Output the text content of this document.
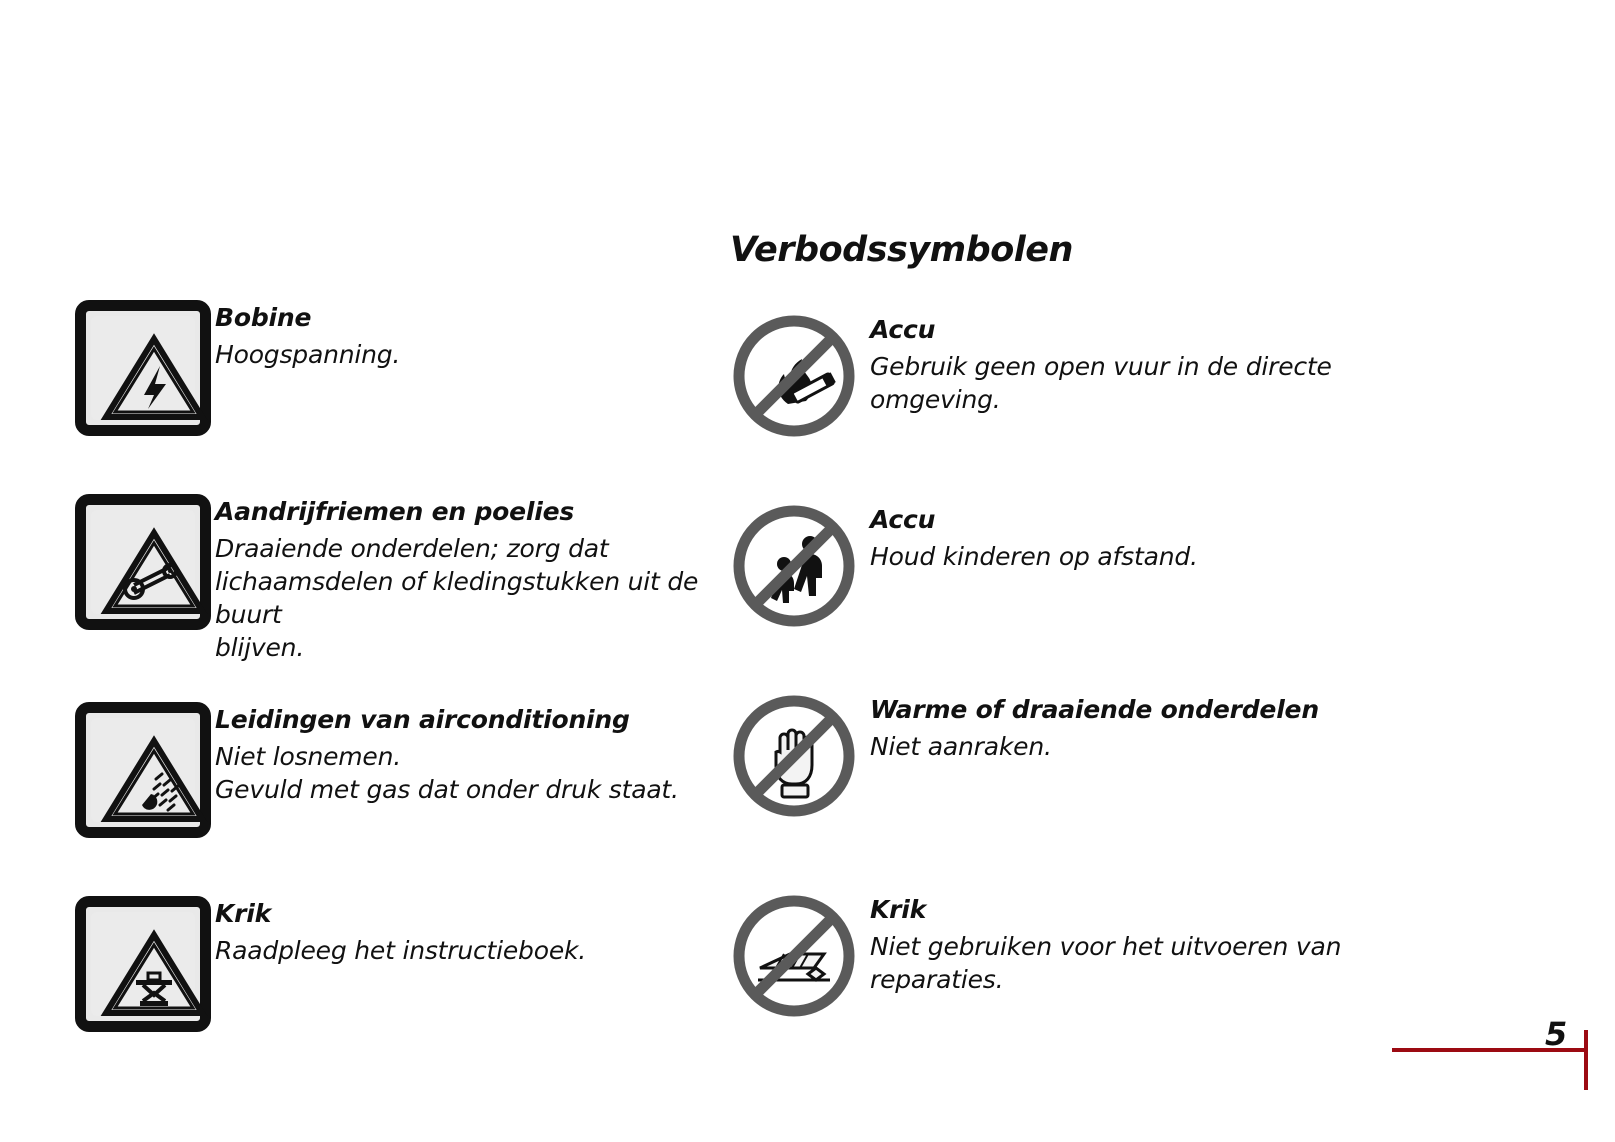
Bobine

Hoogspanning.

Aandrijfriemen en poelies

Draaiende onderdelen; zorg dat
lichaamsdelen of kledingstukken uit de buurt
blijven.

Leidingen van airconditioning

Niet losnemen.
Gevuld met gas dat onder druk staat.

Krik

Raadpleeg het instructieboek.

Verbodssymbolen

Accu

Gebruik geen open vuur in de directe
omgeving.

Accu

Houd kinderen op afstand.

Warme of draaiende onderdelen

Niet aanraken.

Krik

Niet gebruiken voor het uitvoeren van
reparaties.

5
